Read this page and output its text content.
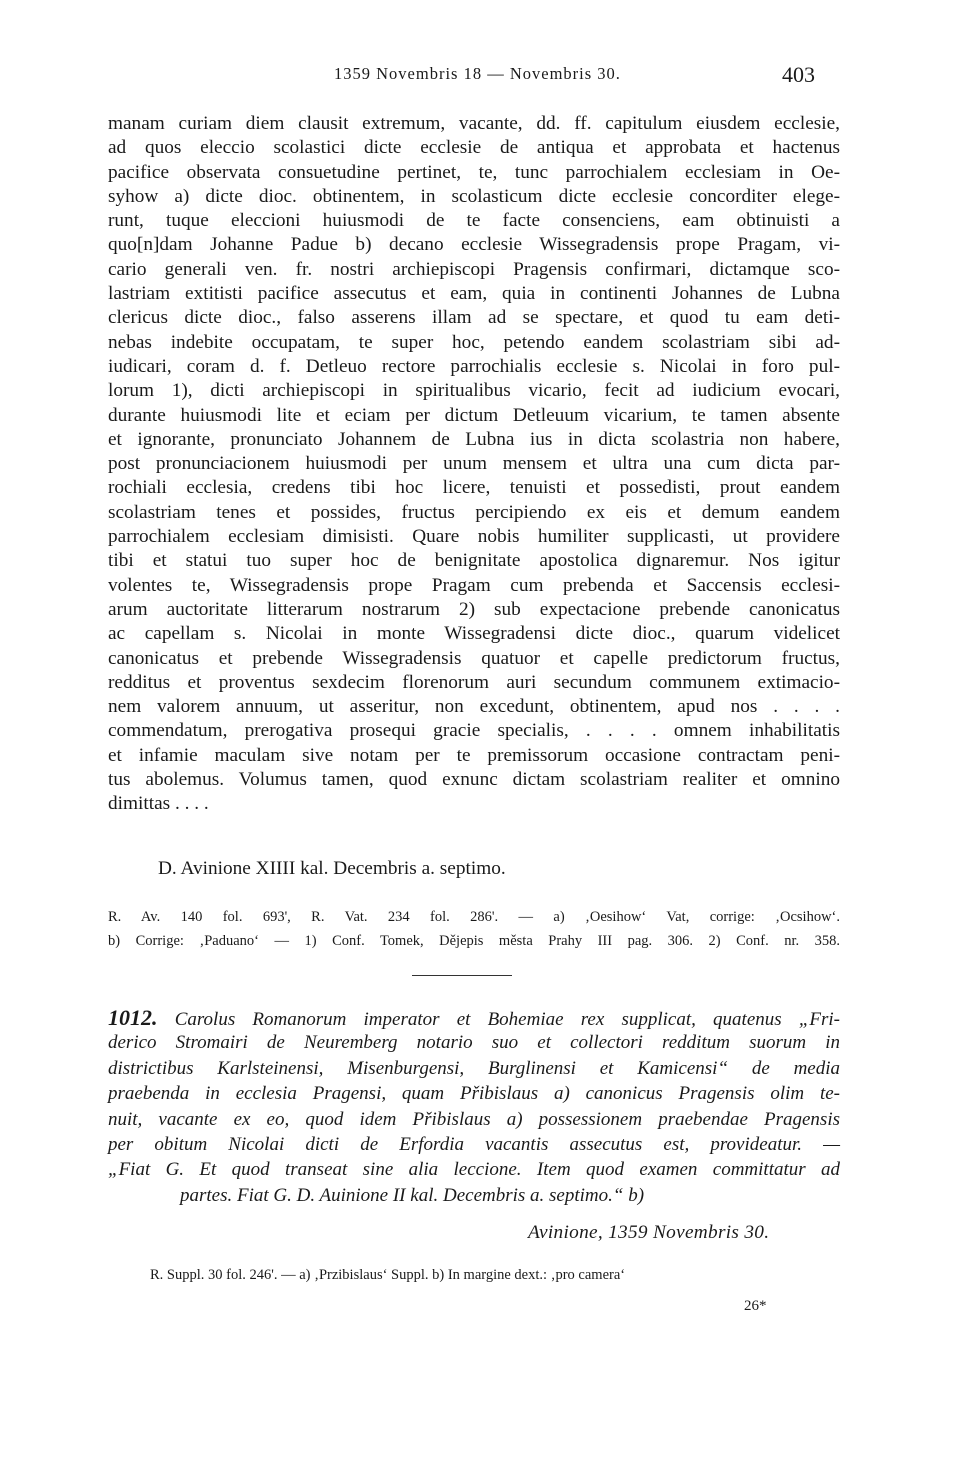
1359 Novembris 18 — Novembris 30.	403
manam curiam diem clausit extremum, vacante, dd. ff. capitulum eiusdem ecclesie,
ad quos eleccio scolastici dicte ecclesie de antiqua et approbata et hactenus
pacifice observata consuetudine pertinet, te, tunc parrochialem ecclesiam in Oe-
syhow a) dicte dioc. obtinentem, in scolasticum dicte ecclesie concorditer elege-
runt, tuque eleccioni huiusmodi de te facte consenciens, eam obtinuisti a
quo[n]dam Johanne Padue b) decano ecclesie Wissegradensis prope Pragam, vi-
cario generali ven. fr. nostri archiepiscopi Pragensis confirmari, dictamque sco-
lastriam extitisti pacifice assecutus et eam, quia in continenti Johannes de Lubna
clericus dicte dioc., falso asserens illam ad se spectare, et quod tu eam deti-
nebas indebite occupatam, te super hoc, petendo eandem scolastriam sibi ad-
iudicari, coram d. f. Detleuo rectore parrochialis ecclesie s. Nicolai in foro pul-
lorum 1), dicti archiepiscopi in spiritualibus vicario, fecit ad iudicium evocari,
durante huiusmodi lite et eciam per dictum Detleuum vicarium, te tamen absente
et ignorante, pronunciato Johannem de Lubna ius in dicta scolastria non habere,
post pronunciacionem huiusmodi per unum mensem et ultra una cum dicta par-
rochiali ecclesia, credens tibi hoc licere, tenuisti et possedisti, prout eandem
scolastriam tenes et possides, fructus percipiendo ex eis et demum eandem
parrochialem ecclesiam dimisisti. Quare nobis humiliter supplicasti, ut providere
tibi et statui tuo super hoc de benignitate apostolica dignaremur. Nos igitur
volentes te, Wissegradensis prope Pragam cum prebenda et Saccensis ecclesi-
arum auctoritate litterarum nostrarum 2) sub expectacione prebende canonicatus
ac capellam s. Nicolai in monte Wissegradensi dicte dioc., quarum videlicet
canonicatus et prebende Wissegradensis quatuor et capelle predictorum fructus,
redditus et proventus sexdecim florenorum auri secundum communem extimacio-
nem valorem annuum, ut asseritur, non excedunt, obtinentem, apud nos . . . .
commendatum, prerogativa prosequi gracie specialis, . . . . omnem inhabilitatis
et infamie maculam sive notam per te premissorum occasione contractam peni-
tus abolemus. Volumus tamen, quod exnunc dictam scolastriam realiter et omnino
dimittas . . . .
D. Avinione XIIII kal. Decembris a. septimo.
R. Av. 140 fol. 693', R. Vat. 234 fol. 286'. — a) ‚Oesihow‘ Vat, corrige: ‚Ocsihow‘.
b) Corrige: ‚Paduano‘ — 1) Conf. Tomek, Dějepis města Prahy III pag. 306. 2) Conf. nr. 358.
1012. Carolus Romanorum imperator et Bohemiae rex supplicat, quatenus „Fri-
derico Stromairi de Neuremberg notario suo et collectori redditum suorum in
districtibus Karlsteinensi, Misenburgensi, Burglinensi et Kamicensi“ de media
praebenda in ecclesia Pragensi, quam Přibislaus a) canonicus Pragensis olim te-
nuit, vacante ex eo, quod idem Přibislaus a) possessionem praebendae Pragensis
per obitum Nicolai dicti de Erfordia vacantis assecutus est, provideatur. —
„Fiat G. Et quod transeat sine alia leccione. Item quod examen committatur ad
partes. Fiat G. D. Auinione II kal. Decembris a. septimo.“ b)
Avinione, 1359 Novembris 30.
R. Suppl. 30 fol. 246'. — a) ‚Przibislaus‘ Suppl. b) In margine dext.: ‚pro camera‘
26*
